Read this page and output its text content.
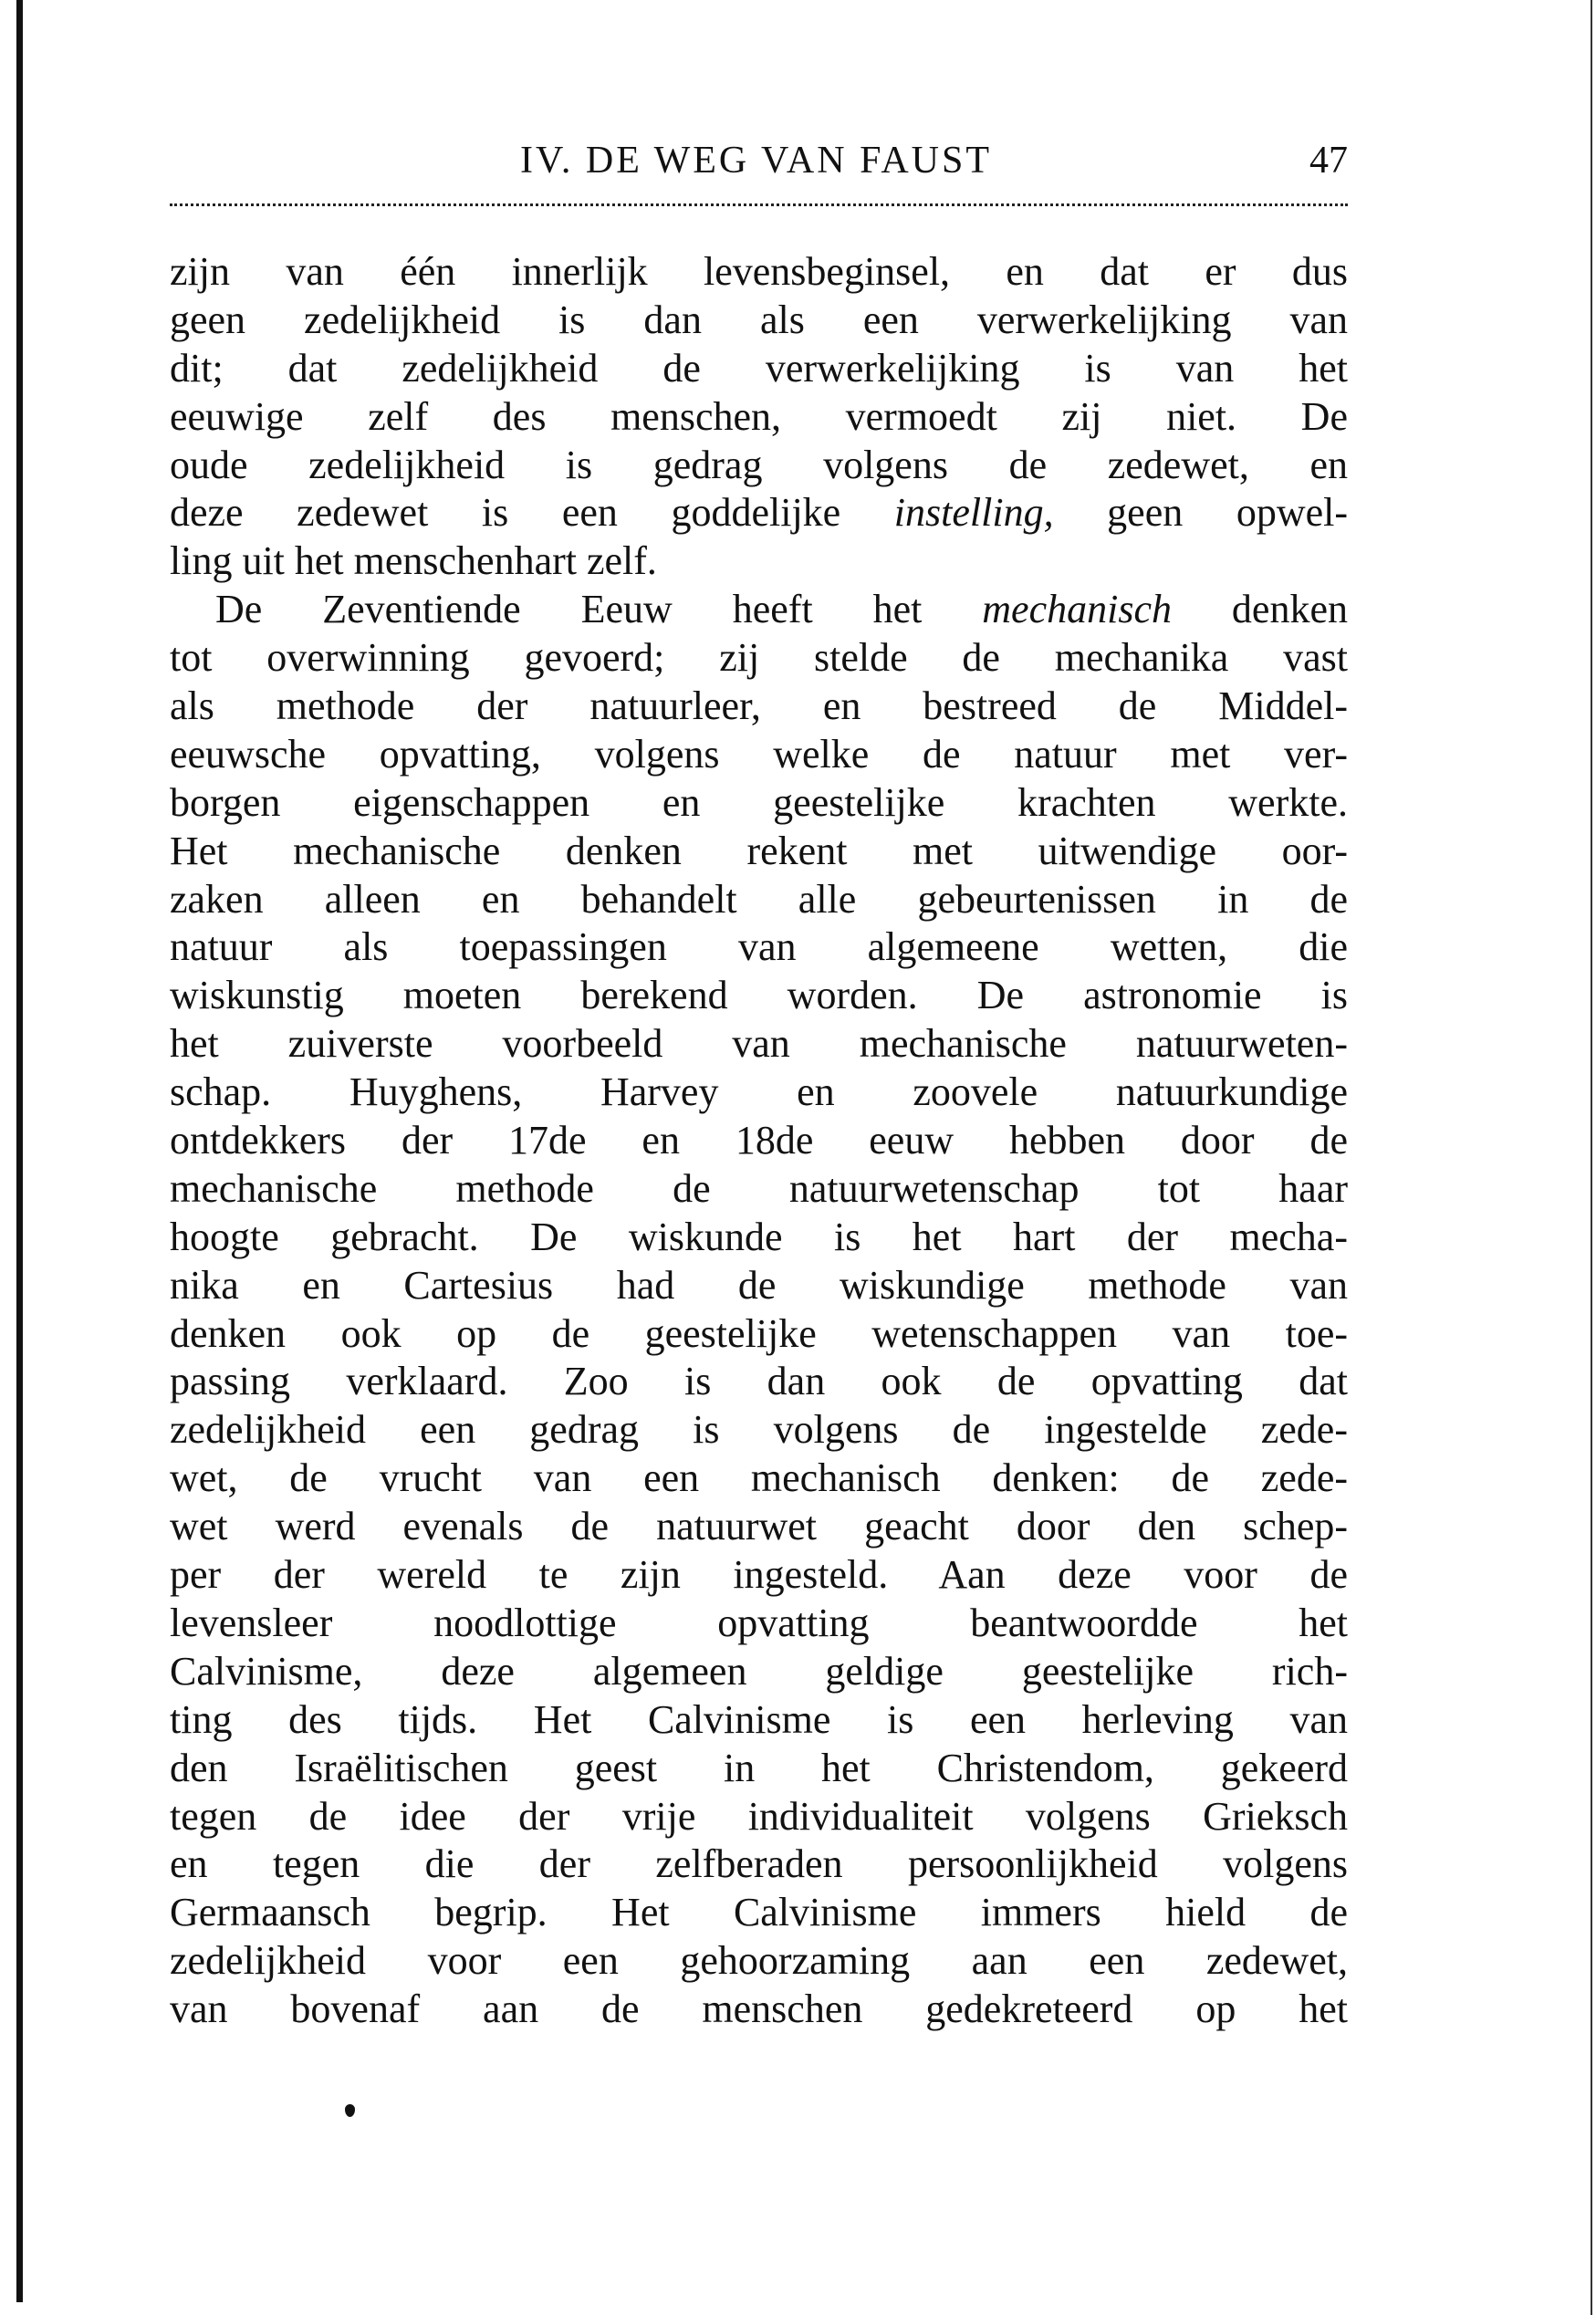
IV. DE WEG VAN FAUST	47
zijn van één innerlijk levensbeginsel, en dat er dus
geen zedelijkheid is dan als een verwerkelijking van
dit; dat zedelijkheid de verwerkelijking is van het
eeuwige zelf des menschen, vermoedt zij niet. De
oude zedelijkheid is gedrag volgens de zedewet, en
deze zedewet is een goddelijke instelling, geen opwel-
ling uit het menschenhart zelf.
De Zeventiende Eeuw heeft het mechanisch denken
tot overwinning gevoerd; zij stelde de mechanika vast
als methode der natuurleer, en bestreed de Middel-
eeuwsche opvatting, volgens welke de natuur met ver-
borgen eigenschappen en geestelijke krachten werkte.
Het mechanische denken rekent met uitwendige oor-
zaken alleen en behandelt alle gebeurtenissen in de
natuur als toepassingen van algemeene wetten, die
wiskunstig moeten berekend worden. De astronomie is
het zuiverste voorbeeld van mechanische natuurweten-
schap. Huyghens, Harvey en zoovele natuurkundige
ontdekkers der 17de en 18de eeuw hebben door de
mechanische methode de natuurwetenschap tot haar
hoogte gebracht. De wiskunde is het hart der mecha-
nika en Cartesius had de wiskundige methode van
denken ook op de geestelijke wetenschappen van toe-
passing verklaard. Zoo is dan ook de opvatting dat
zedelijkheid een gedrag is volgens de ingestelde zede-
wet, de vrucht van een mechanisch denken: de zede-
wet werd evenals de natuurwet geacht door den schep-
per der wereld te zijn ingesteld. Aan deze voor de
levensleer noodlottige opvatting beantwoordde het
Calvinisme, deze algemeen geldige geestelijke rich-
ting des tijds. Het Calvinisme is een herleving van
den Israëlitischen geest in het Christendom, gekeerd
tegen de idee der vrije individualiteit volgens Grieksch
en tegen die der zelfberaden persoonlijkheid volgens
Germaansch begrip. Het Calvinisme immers hield de
zedelijkheid voor een gehoorzaming aan een zedewet,
van bovenaf aan de menschen gedekreteerd op het
